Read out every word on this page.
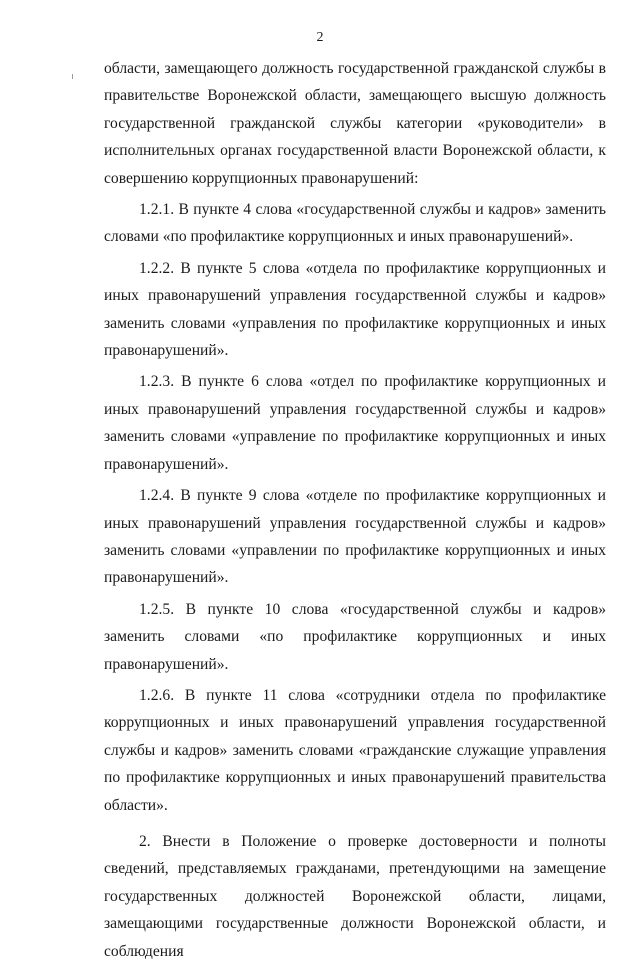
2

области, замещающего должность государственной гражданской службы в правительстве Воронежской области, замещающего высшую должность государственной гражданской службы категории «руководители» в исполнительных органах государственной власти Воронежской области, к совершению коррупционных правонарушений:

1.2.1. В пункте 4 слова «государственной службы и кадров» заменить словами «по профилактике коррупционных и иных правонарушений».

1.2.2. В пункте 5 слова «отдела по профилактике коррупционных и иных правонарушений управления государственной службы и кадров» заменить словами «управления по профилактике коррупционных и иных правонарушений».

1.2.3. В пункте 6 слова «отдел по профилактике коррупционных и иных правонарушений управления государственной службы и кадров» заменить словами «управление по профилактике коррупционных и иных правонарушений».

1.2.4. В пункте 9 слова «отделе по профилактике коррупционных и иных правонарушений управления государственной службы и кадров» заменить словами «управлении по профилактике коррупционных и иных правонарушений».

1.2.5. В пункте 10 слова «государственной службы и кадров» заменить словами «по профилактике коррупционных и иных правонарушений».

1.2.6. В пункте 11 слова «сотрудники отдела по профилактике коррупционных и иных правонарушений управления государственной службы и кадров» заменить словами «гражданские служащие управления по профилактике коррупционных и иных правонарушений правительства области».

2. Внести в Положение о проверке достоверности и полноты сведений, представляемых гражданами, претендующими на замещение государственных должностей Воронежской области, лицами, замещающими государственные должности Воронежской области, и соблюдения
